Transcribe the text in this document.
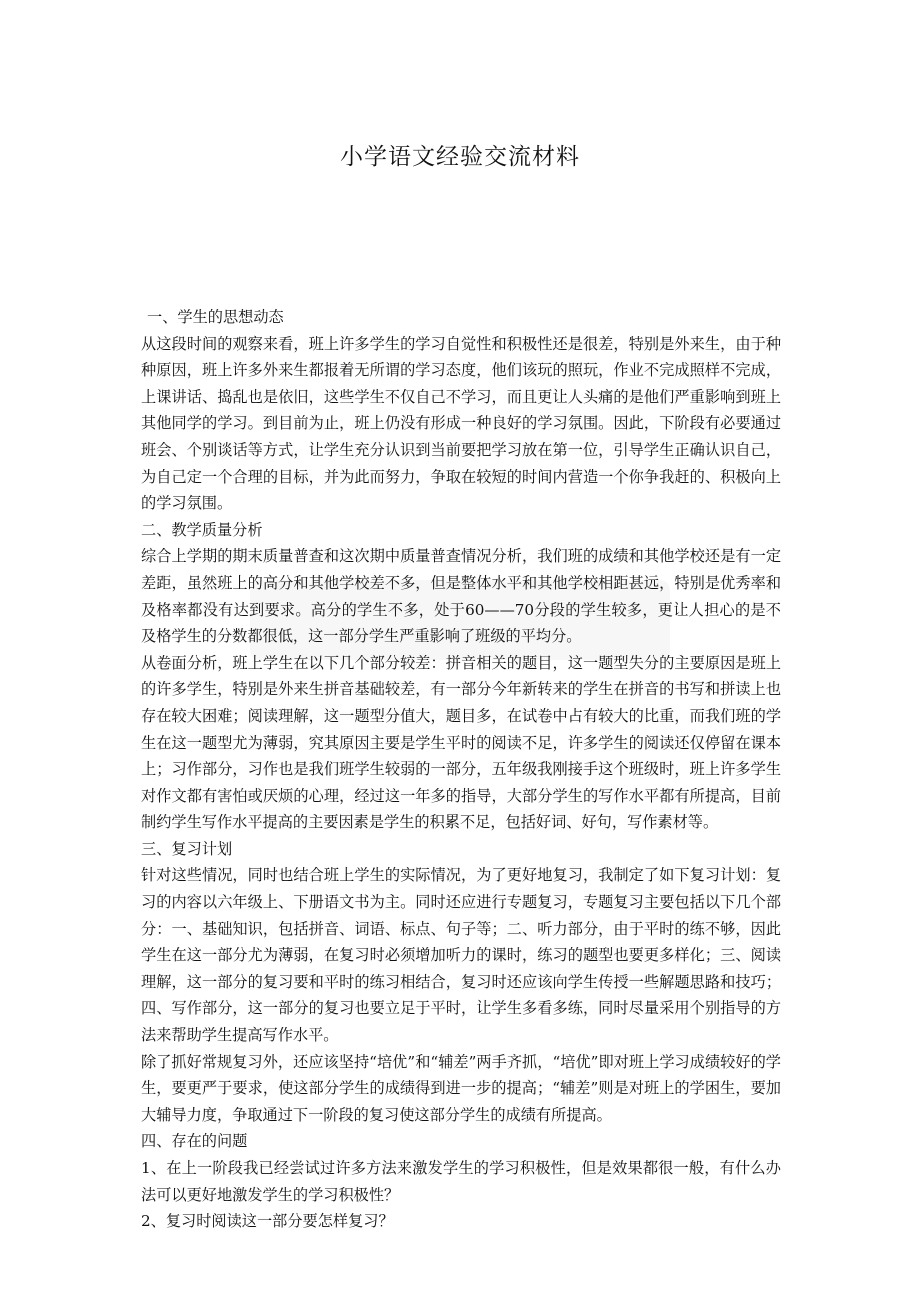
小学语文经验交流材料

一、学生的思想动态

从这段时间的观察来看，班上许多学生的学习自觉性和积极性还是很差，特别是外来生，由于种种原因，班上许多外来生都报着无所谓的学习态度，他们该玩的照玩，作业不完成照样不完成，上课讲话、捣乱也是依旧，这些学生不仅自己不学习，而且更让人头痛的是他们严重影响到班上其他同学的学习。到目前为止，班上仍没有形成一种良好的学习氛围。因此，下阶段有必要通过班会、个别谈话等方式，让学生充分认识到当前要把学习放在第一位，引导学生正确认识自己，为自己定一个合理的目标，并为此而努力，争取在较短的时间内营造一个你争我赶的、积极向上的学习氛围。

二、教学质量分析

综合上学期的期末质量普查和这次期中质量普查情况分析，我们班的成绩和其他学校还是有一定差距，虽然班上的高分和其他学校差不多，但是整体水平和其他学校相距甚远，特别是优秀率和及格率都没有达到要求。高分的学生不多，处于60——70分段的学生较多，更让人担心的是不及格学生的分数都很低，这一部分学生严重影响了班级的平均分。

从卷面分析，班上学生在以下几个部分较差：拼音相关的题目，这一题型失分的主要原因是班上的许多学生，特别是外来生拼音基础较差，有一部分今年新转来的学生在拼音的书写和拼读上也存在较大困难；阅读理解，这一题型分值大，题目多，在试卷中占有较大的比重，而我们班的学生在这一题型尤为薄弱，究其原因主要是学生平时的阅读不足，许多学生的阅读还仅停留在课本上；习作部分，习作也是我们班学生较弱的一部分，五年级我刚接手这个班级时，班上许多学生对作文都有害怕或厌烦的心理，经过这一年多的指导，大部分学生的写作水平都有所提高，目前制约学生写作水平提高的主要因素是学生的积累不足，包括好词、好句，写作素材等。

三、复习计划

针对这些情况，同时也结合班上学生的实际情况，为了更好地复习，我制定了如下复习计划：复习的内容以六年级上、下册语文书为主。同时还应进行专题复习，专题复习主要包括以下几个部分：一、基础知识，包括拼音、词语、标点、句子等；二、听力部分，由于平时的练不够，因此学生在这一部分尤为薄弱，在复习时必须增加听力的课时，练习的题型也要更多样化；三、阅读理解，这一部分的复习要和平时的练习相结合，复习时还应该向学生传授一些解题思路和技巧；四、写作部分，这一部分的复习也要立足于平时，让学生多看多练，同时尽量采用个别指导的方法来帮助学生提高写作水平。

除了抓好常规复习外，还应该坚持“培优”和“辅差”两手齐抓，“培优”即对班上学习成绩较好的学生，要更严于要求，使这部分学生的成绩得到进一步的提高；“辅差”则是对班上的学困生，要加大辅导力度，争取通过下一阶段的复习使这部分学生的成绩有所提高。

四、存在的问题

1、在上一阶段我已经尝试过许多方法来激发学生的学习积极性，但是效果都很一般，有什么办法可以更好地激发学生的学习积极性？

2、复习时阅读这一部分要怎样复习？
